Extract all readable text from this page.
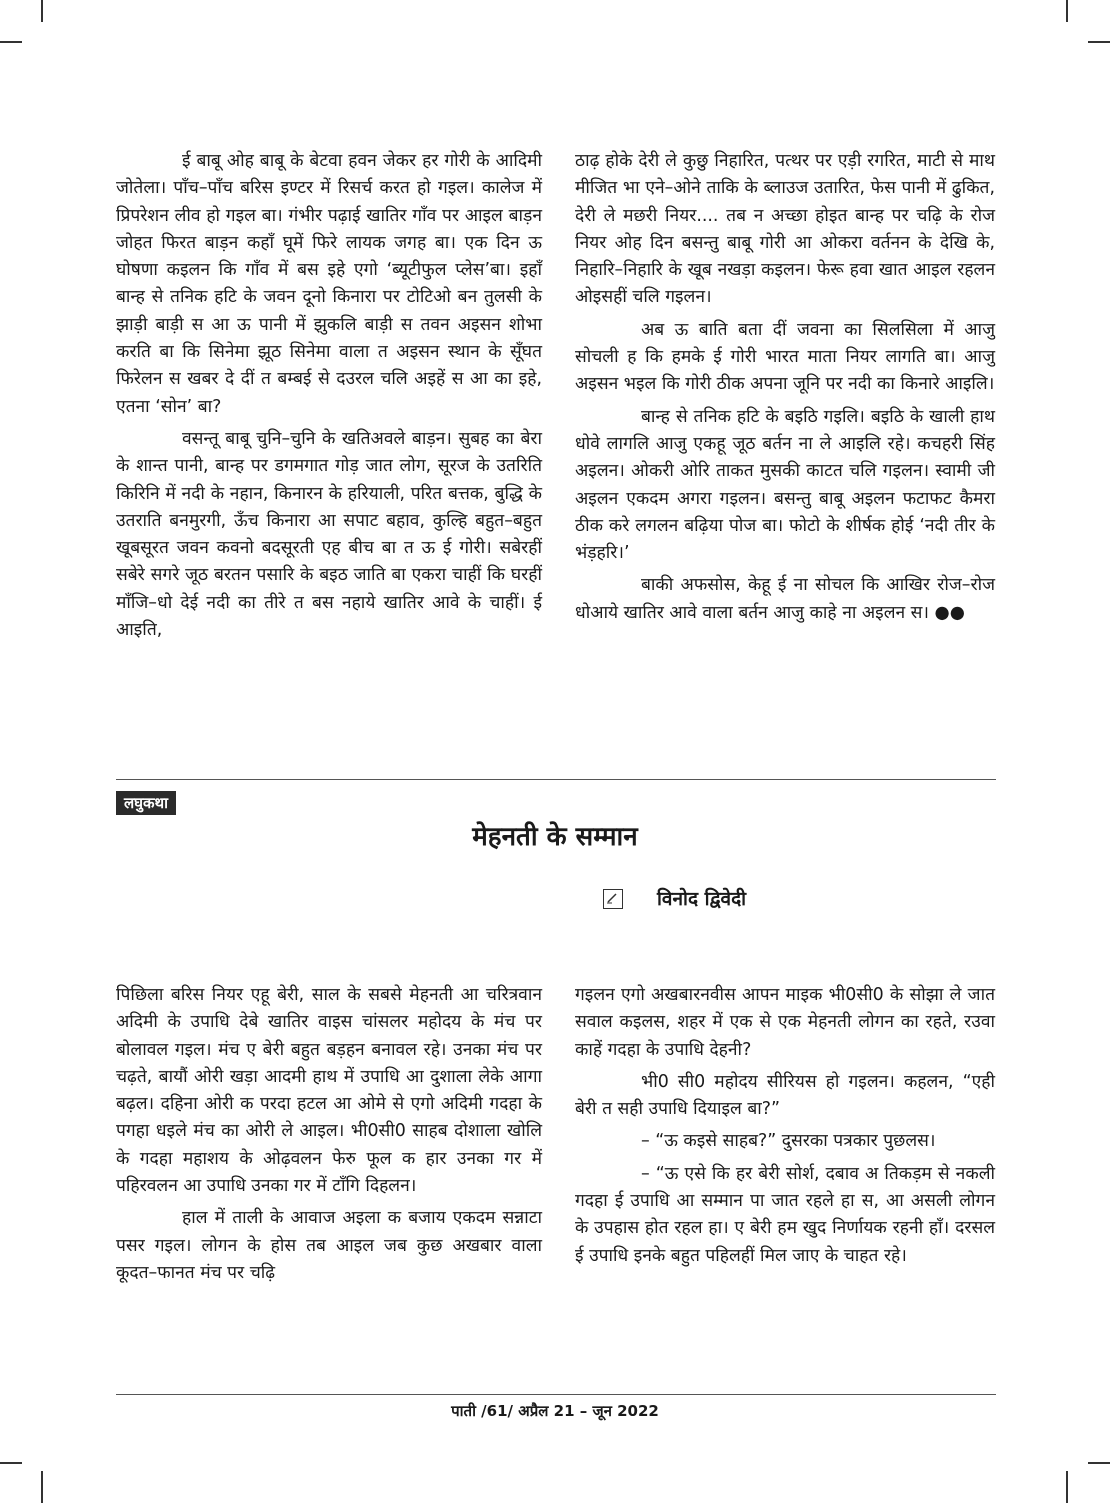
ई बाबू ओह बाबू के बेटवा हवन जेकर हर गोरी के आदिमी जोतेला। पाँच–पाँच बरिस इण्टर में रिसर्च करत हो गइल। कालेज में प्रिपरेशन लीव हो गइल बा। गंभीर पढ़ाई खातिर गाँव पर आइल बाड़न जोहत फिरत बाड़न कहाँ घूमें फिरे लायक जगह बा। एक दिन ऊ घोषणा कइलन कि गाँव में बस इहे एगो ‘ब्यूटीफुल प्लेस’बा। इहाँ बान्ह से तनिक हटि के जवन दूनो किनारा पर टोटिओ बन तुलसी के झाड़ी बाड़ी स आ ऊ पानी में झुकलि बाड़ी स तवन अइसन शोभा करति बा कि सिनेमा झूठ सिनेमा वाला त अइसन स्थान के सूँघत फिरेलन स खबर दे दीं त बम्बई से दउरल चलि अइहें स आ का इहे, एतना ‘सोन’ बा?

वसन्तू बाबू चुनि–चुनि के खतिअवले बाड़न। सुबह का बेरा के शान्त पानी, बान्ह पर डगमगात गोड़ जात लोग, सूरज के उतरिति किरिनि में नदी के नहान, किनारन के हरियाली, परित बत्तक, बुद्धि के उतराति बनमुरगी, ऊँच किनारा आ सपाट बहाव, कुल्हि बहुत–बहुत खूबसूरत जवन कवनो बदसूरती एह बीच बा त ऊ ई गोरी। सबेरहीं सबेरे सगरे जूठ बरतन पसारि के बइठ जाति बा एकरा चाहीं कि घरहीं माँजि–धो देई नदी का तीरे त बस नहाये खातिर आवे के चाहीं। ई आइति,

ठाढ़ होके देरी ले कुछु निहारित, पत्थर पर एड़ी रगरित, माटी से माथ मीजित भा एने–ओने ताकि के ब्लाउज उतारित, फेस पानी में ढुकित, देरी ले मछरी नियर.... तब न अच्छा होइत बान्ह पर चढ़ि के रोज नियर ओह दिन बसन्तु बाबू गोरी आ ओकरा वर्तनन के देखि के, निहारि–निहारि के खूब नखड़ा कइलन। फेरू हवा खात आइल रहलन ओइसहीं चलि गइलन।

अब ऊ बाति बता दीं जवना का सिलसिला में आजु सोचली ह कि हमके ई गोरी भारत माता नियर लागति बा। आजु अइसन भइल कि गोरी ठीक अपना जूनि पर नदी का किनारे आइलि।

बान्ह से तनिक हटि के बइठि गइलि। बइठि के खाली हाथ धोवे लागलि आजु एकहू जूठ बर्तन ना ले आइलि रहे। कचहरी सिंह अइलन। ओकरी ओरि ताकत मुसकी काटत चलि गइलन। स्वामी जी अइलन एकदम अगरा गइलन। बसन्तु बाबू अइलन फटाफट कैमरा ठीक करे लगलन बढ़िया पोज बा। फोटो के शीर्षक होई ‘नदी तीर के भंड़हरि।’

बाकी अफसोस, केहू ई ना सोचल कि आखिर रोज–रोज धोआये खातिर आवे वाला बर्तन आजु काहे ना अइलन स। ●●

लघुकथा
मेहनती के सम्मान
विनोद द्विवेदी

पिछिला बरिस नियर एहू बेरी, साल के सबसे मेहनती आ चरित्रवान अदिमी के उपाधि देबे खातिर वाइस चांसलर महोदय के मंच पर बोलावल गइल। मंच ए बेरी बहुत बड़हन बनावल रहे। उनका मंच पर चढ़ते, बायौं ओरी खड़ा आदमी हाथ में उपाधि आ दुशाला लेके आगा बढ़ल। दहिना ओरी क परदा हटल आ ओमे से एगो अदिमी गदहा के पगहा धइले मंच का ओरी ले आइल। भी0सी0 साहब दोशाला खोलि के गदहा महाशय के ओढ़वलन फेरु फूल क हार उनका गर में पहिरवलन आ उपाधि उनका गर में टाँगि दिहलन।

हाल में ताली के आवाज अइला क बजाय एकदम सन्नाटा पसर गइल। लोगन के होस तब आइल जब कुछ अखबार वाला कूदत–फानत मंच पर चढ़ि

गइलन एगो अखबारनवीस आपन माइक भी0सी0 के सोझा ले जात सवाल कइलस, शहर में एक से एक मेहनती लोगन का रहते, रउवा काहें गदहा के उपाधि देहनी?

भी0 सी0 महोदय सीरियस हो गइलन। कहलन, “एही बेरी त सही उपाधि दियाइल बा?”

– “ऊ कइसे साहब?” दुसरका पत्रकार पुछलस।

– “ऊ एसे कि हर बेरी सोर्श, दबाव अ तिकड़म से नकली गदहा ई उपाधि आ सम्मान पा जात रहले हा स, आ असली लोगन के उपहास होत रहल हा। ए बेरी हम खुद निर्णायक रहनी हाँ। दरसल ई उपाधि इनके बहुत पहिलहीं मिल जाए के चाहत रहे।

पाती /61/ अप्रैल 21 – जून 2022
